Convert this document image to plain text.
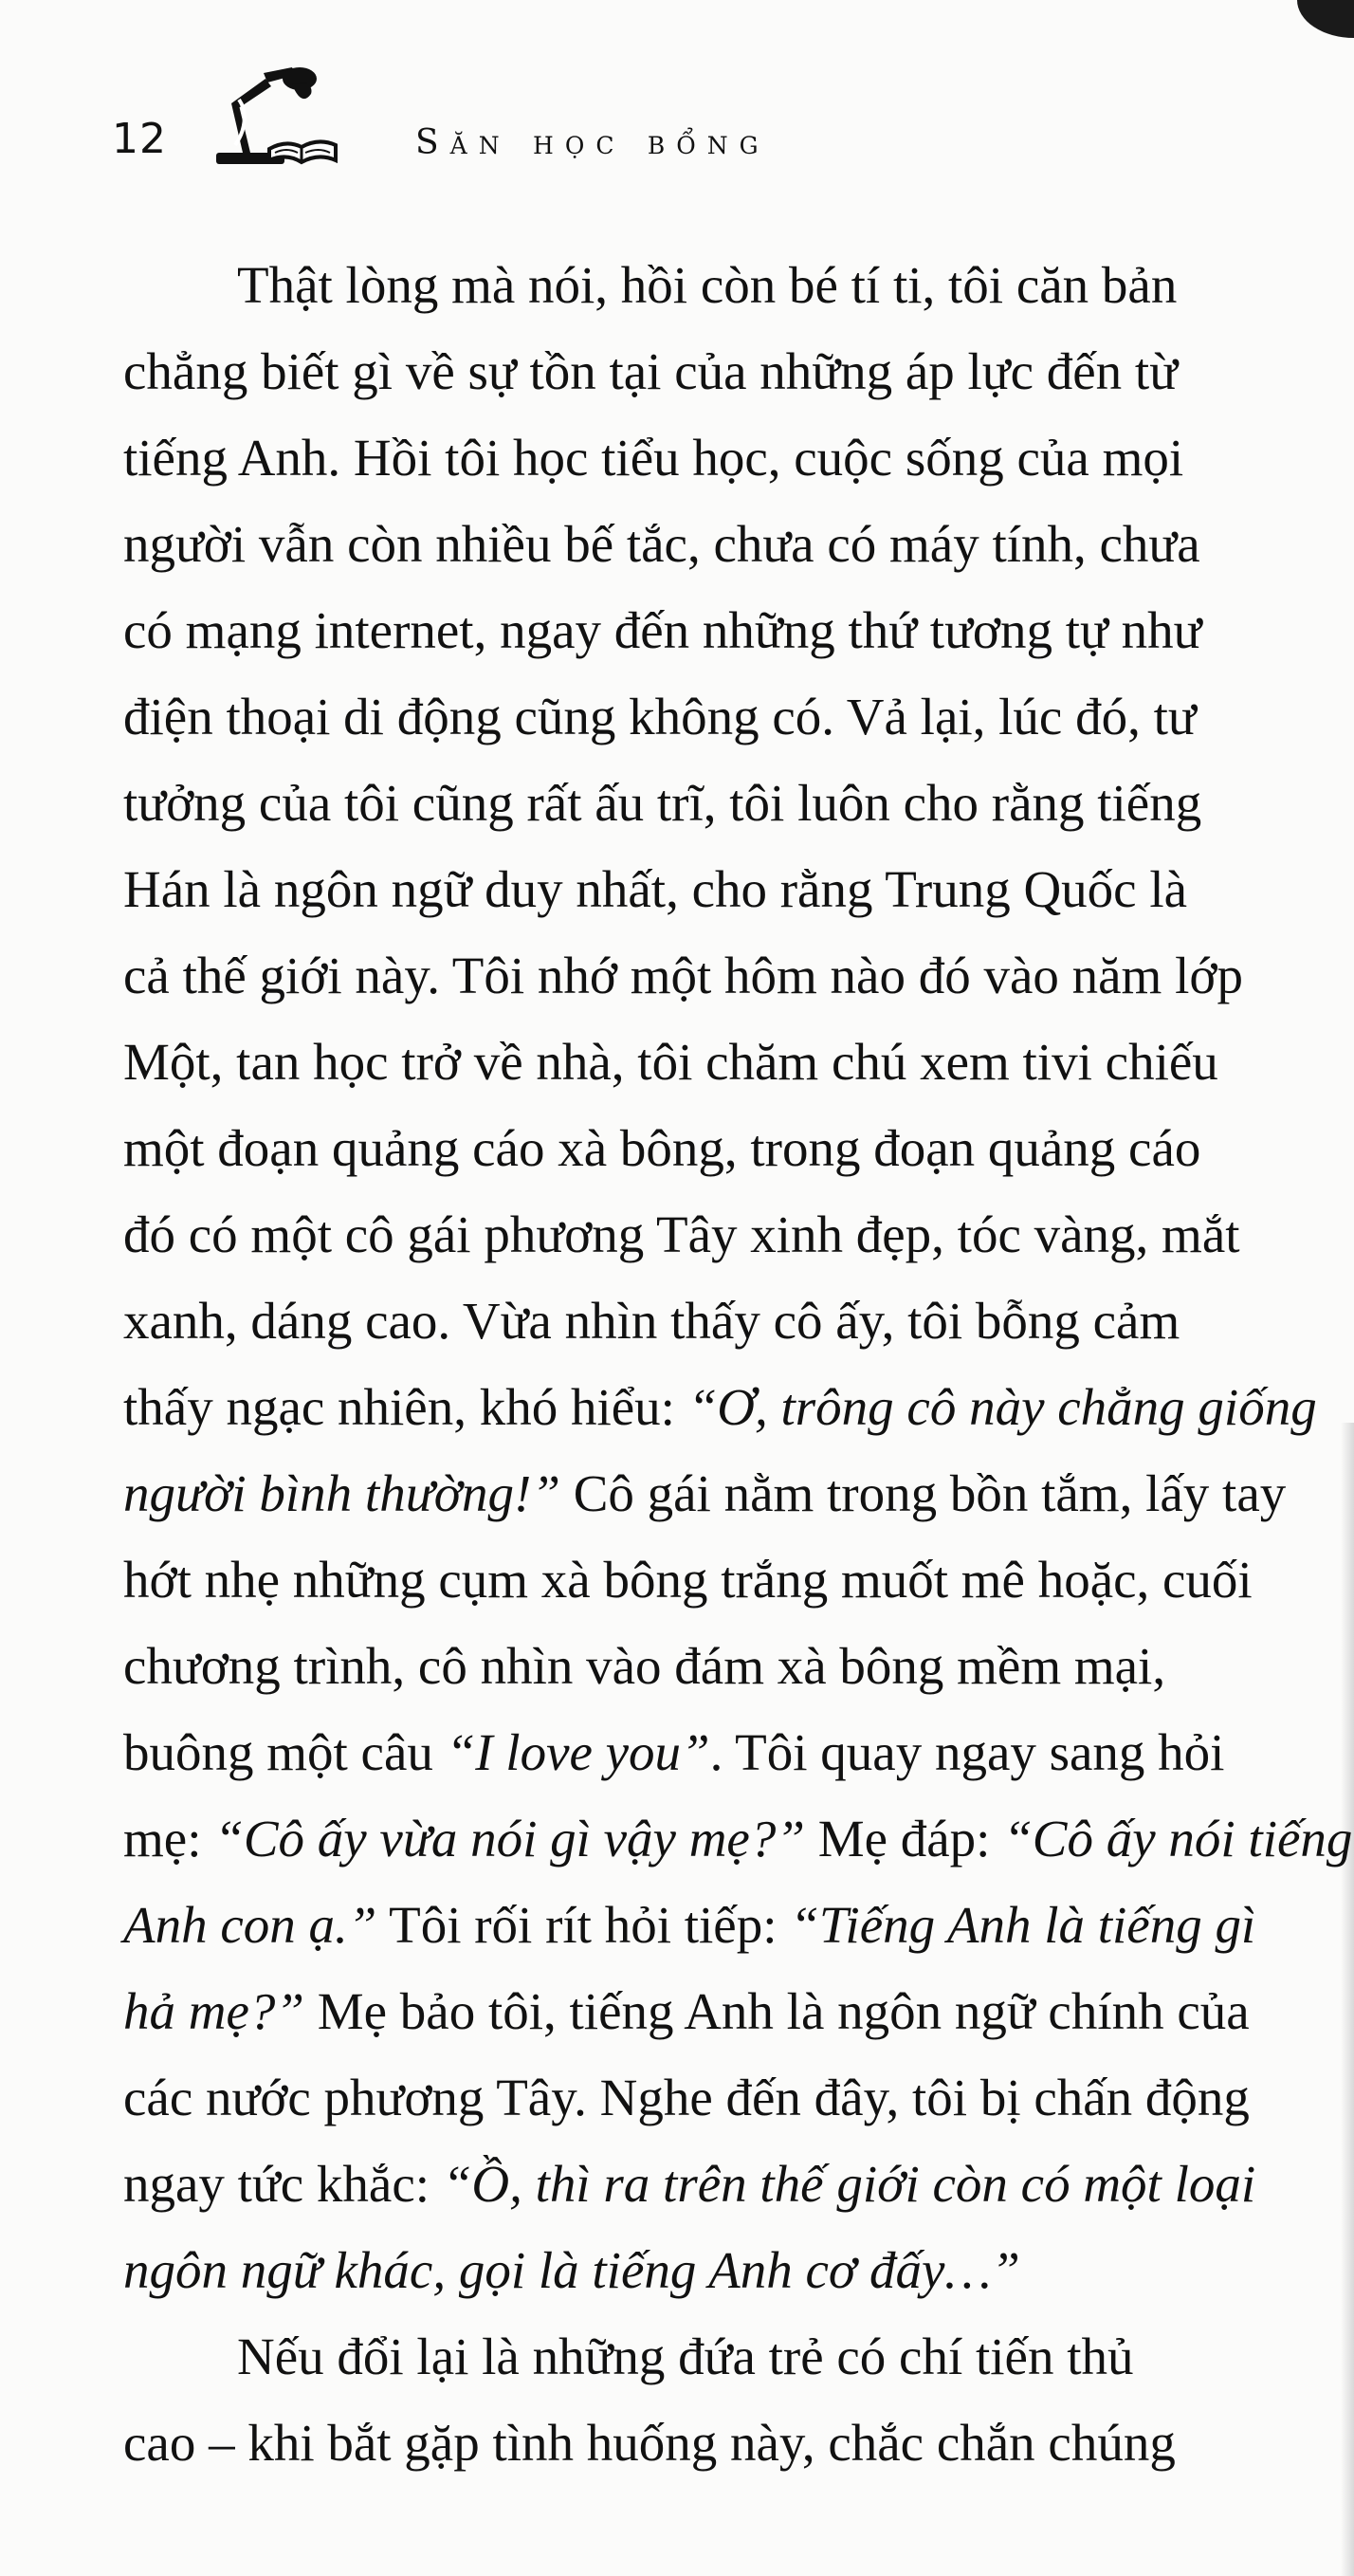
12	Săn học bổng
Thật lòng mà nói, hồi còn bé tí ti, tôi căn bản
chẳng biết gì về sự tồn tại của những áp lực đến từ
tiếng Anh. Hồi tôi học tiểu học, cuộc sống của mọi
người vẫn còn nhiều bế tắc, chưa có máy tính, chưa
có mạng internet, ngay đến những thứ tương tự như
điện thoại di động cũng không có. Vả lại, lúc đó, tư
tưởng của tôi cũng rất ấu trĩ, tôi luôn cho rằng tiếng
Hán là ngôn ngữ duy nhất, cho rằng Trung Quốc là
cả thế giới này. Tôi nhớ một hôm nào đó vào năm lớp
Một, tan học trở về nhà, tôi chăm chú xem tivi chiếu
một đoạn quảng cáo xà bông, trong đoạn quảng cáo
đó có một cô gái phương Tây xinh đẹp, tóc vàng, mắt
xanh, dáng cao. Vừa nhìn thấy cô ấy, tôi bỗng cảm
thấy ngạc nhiên, khó hiểu: “Ơ, trông cô này chẳng giống
người bình thường!” Cô gái nằm trong bồn tắm, lấy tay
hớt nhẹ những cụm xà bông trắng muốt mê hoặc, cuối
chương trình, cô nhìn vào đám xà bông mềm mại,
buông một câu “I love you”. Tôi quay ngay sang hỏi
mẹ: “Cô ấy vừa nói gì vậy mẹ?” Mẹ đáp: “Cô ấy nói tiếng
Anh con ạ.” Tôi rối rít hỏi tiếp: “Tiếng Anh là tiếng gì
hả mẹ?” Mẹ bảo tôi, tiếng Anh là ngôn ngữ chính của
các nước phương Tây. Nghe đến đây, tôi bị chấn động
ngay tức khắc: “Ồ, thì ra trên thế giới còn có một loại
ngôn ngữ khác, gọi là tiếng Anh cơ đấy…”
Nếu đổi lại là những đứa trẻ có chí tiến thủ
cao – khi bắt gặp tình huống này, chắc chắn chúng
